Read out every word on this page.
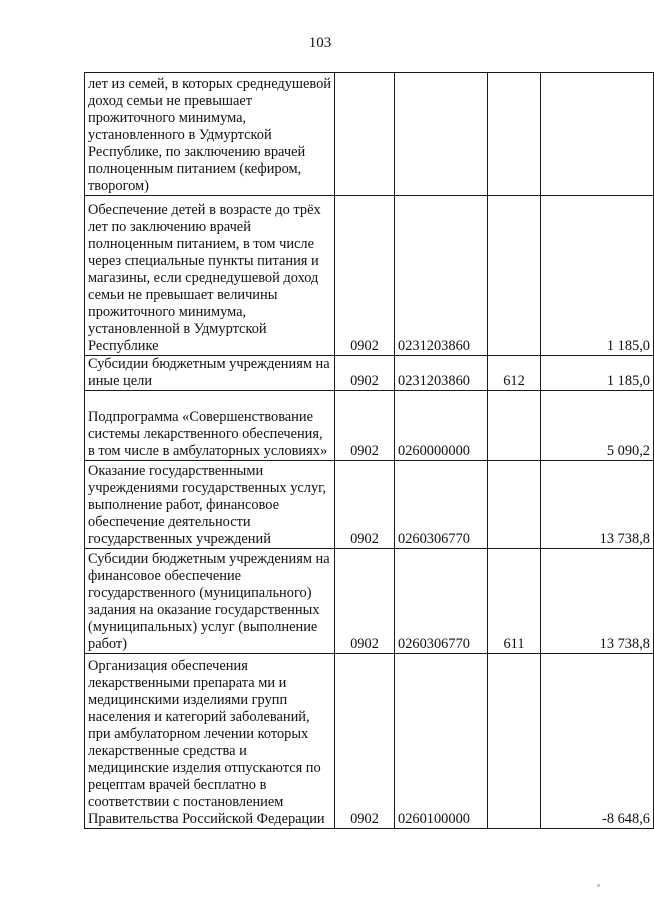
103
лет из семей, в которых среднедушевой доход семьи не превышает прожиточного минимума, установленного в Удмуртской Республике, по заключению врачей полноценным питанием (кефиром, творогом)				
Обеспечение детей в возрасте до трёх лет по заключению врачей полноценным питанием, в том числе через специальные пункты питания и магазины, если среднедушевой доход семьи не превышает величины прожиточного минимума, установленной в Удмуртской Республике	0902	0231203860		1 185,0
Субсидии бюджетным учреждениям на иные цели	0902	0231203860	612	1 185,0
Подпрограмма «Совершенствование системы лекарственного обеспечения, в том числе в амбулаторных условиях»	0902	0260000000		5 090,2
Оказание государственными учреждениями государственных услуг, выполнение работ, финансовое обеспечение деятельности государственных учреждений	0902	0260306770		13 738,8
Субсидии бюджетным учреждениям на финансовое обеспечение государственного (муниципального) задания на оказание государственных (муниципальных) услуг (выполнение работ)	0902	0260306770	611	13 738,8
Организация обеспечения лекарственными препарата ми и медицинскими изделиями групп населения и категорий заболеваний, при амбулаторном лечении которых лекарственные средства и медицинские изделия отпускаются по рецептам врачей бесплатно в соответствии с постановлением Правительства Российской Федерации	0902	0260100000		-8 648,6
